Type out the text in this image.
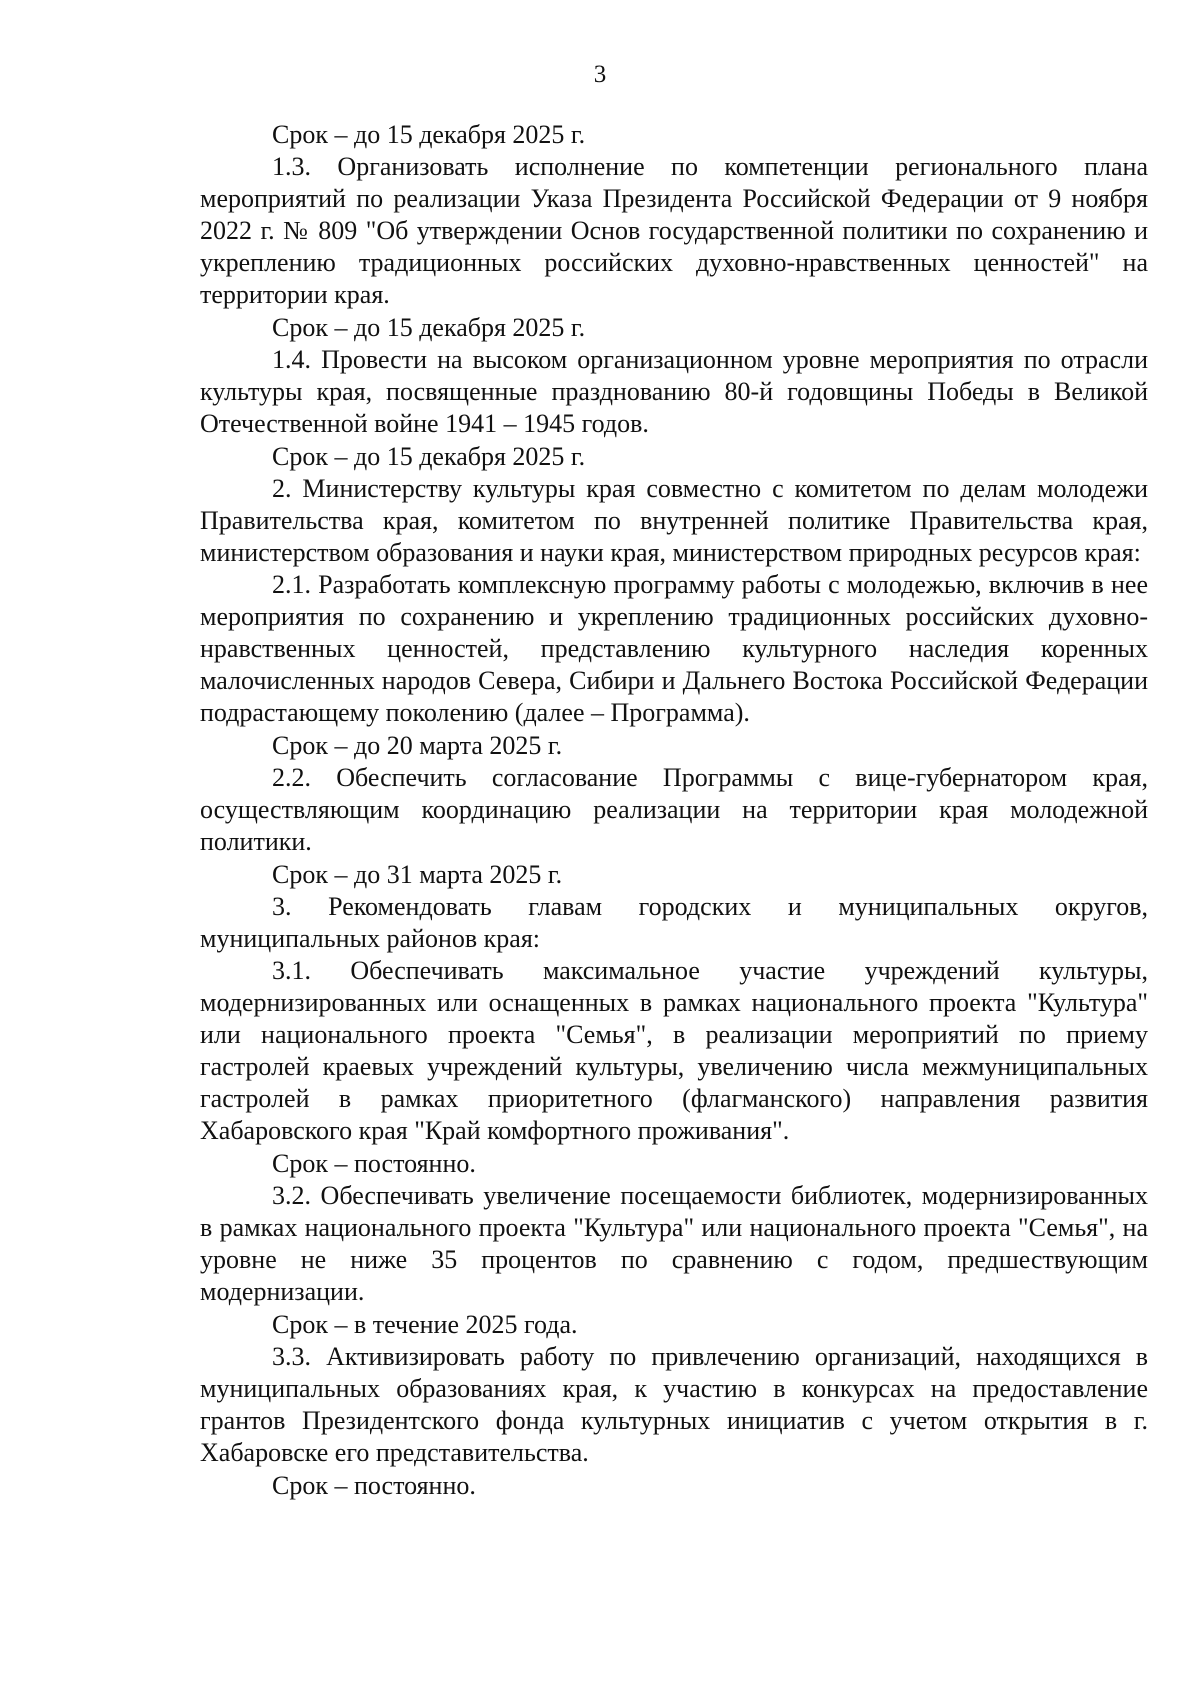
3

Срок – до 15 декабря 2025 г.

1.3. Организовать исполнение по компетенции регионального плана мероприятий по реализации Указа Президента Российской Федерации от 9 ноября 2022 г. № 809 "Об утверждении Основ государственной политики по сохранению и укреплению традиционных российских духовно-нравственных ценностей" на территории края.

Срок – до 15 декабря 2025 г.

1.4. Провести на высоком организационном уровне мероприятия по отрасли культуры края, посвященные празднованию 80-й годовщины Победы в Великой Отечественной войне 1941 – 1945 годов.

Срок – до 15 декабря 2025 г.

2. Министерству культуры края совместно с комитетом по делам молодежи Правительства края, комитетом по внутренней политике Правительства края, министерством образования и науки края, министерством природных ресурсов края:

2.1. Разработать комплексную программу работы с молодежью, включив в нее мероприятия по сохранению и укреплению традиционных российских духовно-нравственных ценностей, представлению культурного наследия коренных малочисленных народов Севера, Сибири и Дальнего Востока Российской Федерации подрастающему поколению (далее – Программа).

Срок – до 20 марта 2025 г.

2.2. Обеспечить согласование Программы с вице-губернатором края, осуществляющим координацию реализации на территории края молодежной политики.

Срок – до 31 марта 2025 г.

3. Рекомендовать главам городских и муниципальных округов, муниципальных районов края:

3.1. Обеспечивать максимальное участие учреждений культуры, модернизированных или оснащенных в рамках национального проекта "Культура" или национального проекта "Семья", в реализации мероприятий по приему гастролей краевых учреждений культуры, увеличению числа межмуниципальных гастролей в рамках приоритетного (флагманского) направления развития Хабаровского края "Край комфортного проживания".

Срок – постоянно.

3.2. Обеспечивать увеличение посещаемости библиотек, модернизированных в рамках национального проекта "Культура" или национального проекта "Семья", на уровне не ниже 35 процентов по сравнению с годом, предшествующим модернизации.

Срок – в течение 2025 года.

3.3. Активизировать работу по привлечению организаций, находящихся в муниципальных образованиях края, к участию в конкурсах на предоставление грантов Президентского фонда культурных инициатив с учетом открытия в г. Хабаровске его представительства.

Срок – постоянно.
